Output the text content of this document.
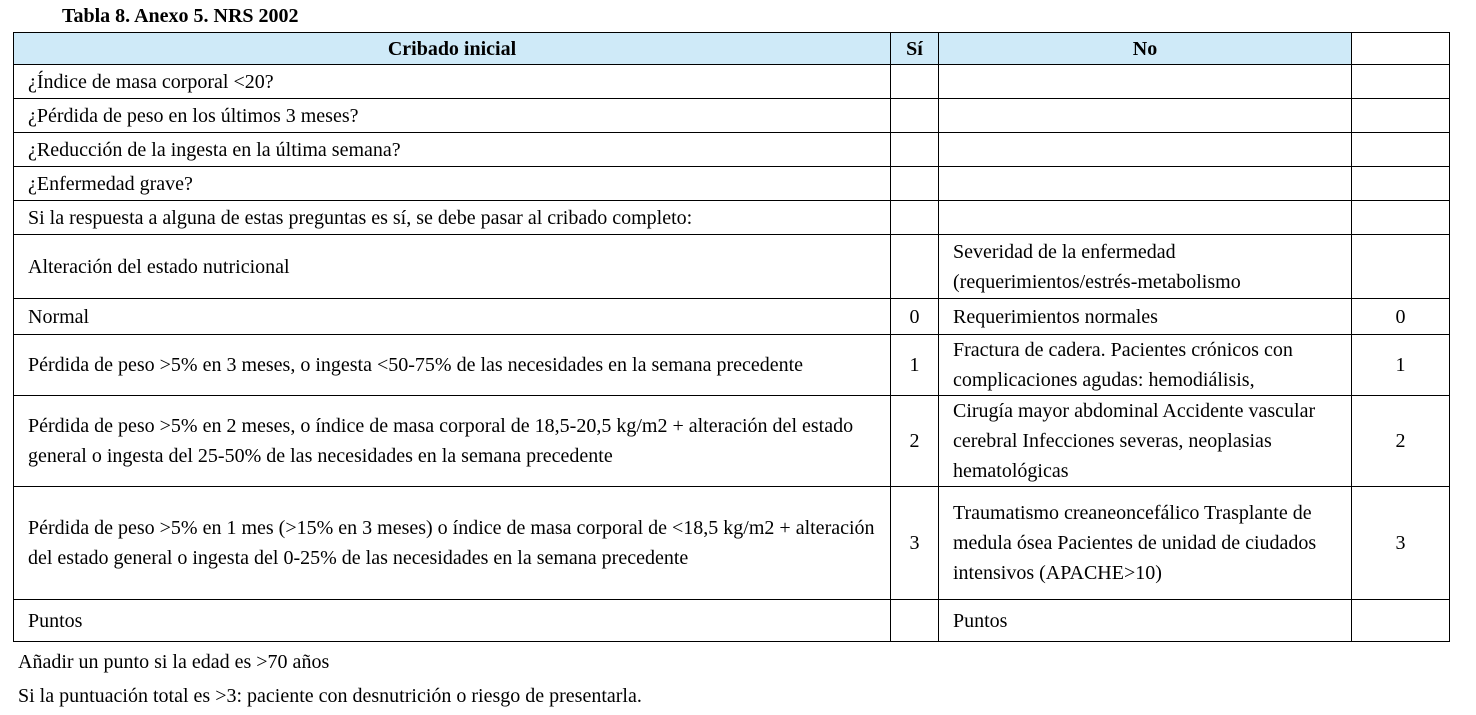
Tabla 8. Anexo 5. NRS 2002
Cribado inicial	Sí	No	
¿Índice de masa corporal <20?			
¿Pérdida de peso en los últimos 3 meses?			
¿Reducción de la ingesta en la última semana?			
¿Enfermedad grave?			
Si la respuesta a alguna de estas preguntas es sí, se debe pasar al cribado completo:			
Alteración del estado nutricional		Severidad de la enfermedad
(requerimientos/estrés-metabolismo	

Normal	0	Requerimientos normales	0
Pérdida de peso >5% en 3 meses, o ingesta <50-75% de las necesidades en la semana precedente	1	Fractura de cadera. Pacientes crónicos con complicaciones agudas: hemodiálisis,	1
Pérdida de peso >5% en 2 meses, o índice de masa corporal de 18,5-20,5 kg/m2 + alteración del estado general o ingesta del 25-50% de las necesidades en la semana precedente	2	Cirugía mayor abdominal Accidente vascular cerebral Infecciones severas, neoplasias hematológicas	2
Pérdida de peso >5% en 1 mes (>15% en 3 meses) o índice de masa corporal de <18,5 kg/m2 + alteración del estado general o ingesta del 0-25% de las necesidades en la semana precedente	3	Traumatismo creaneoncefálico Trasplante de medula ósea Pacientes de unidad de ciudados intensivos (APACHE>10)	3
Puntos		Puntos	
Añadir un punto si la edad es >70 años
Si la puntuación total es >3: paciente con desnutrición o riesgo de presentarla.
